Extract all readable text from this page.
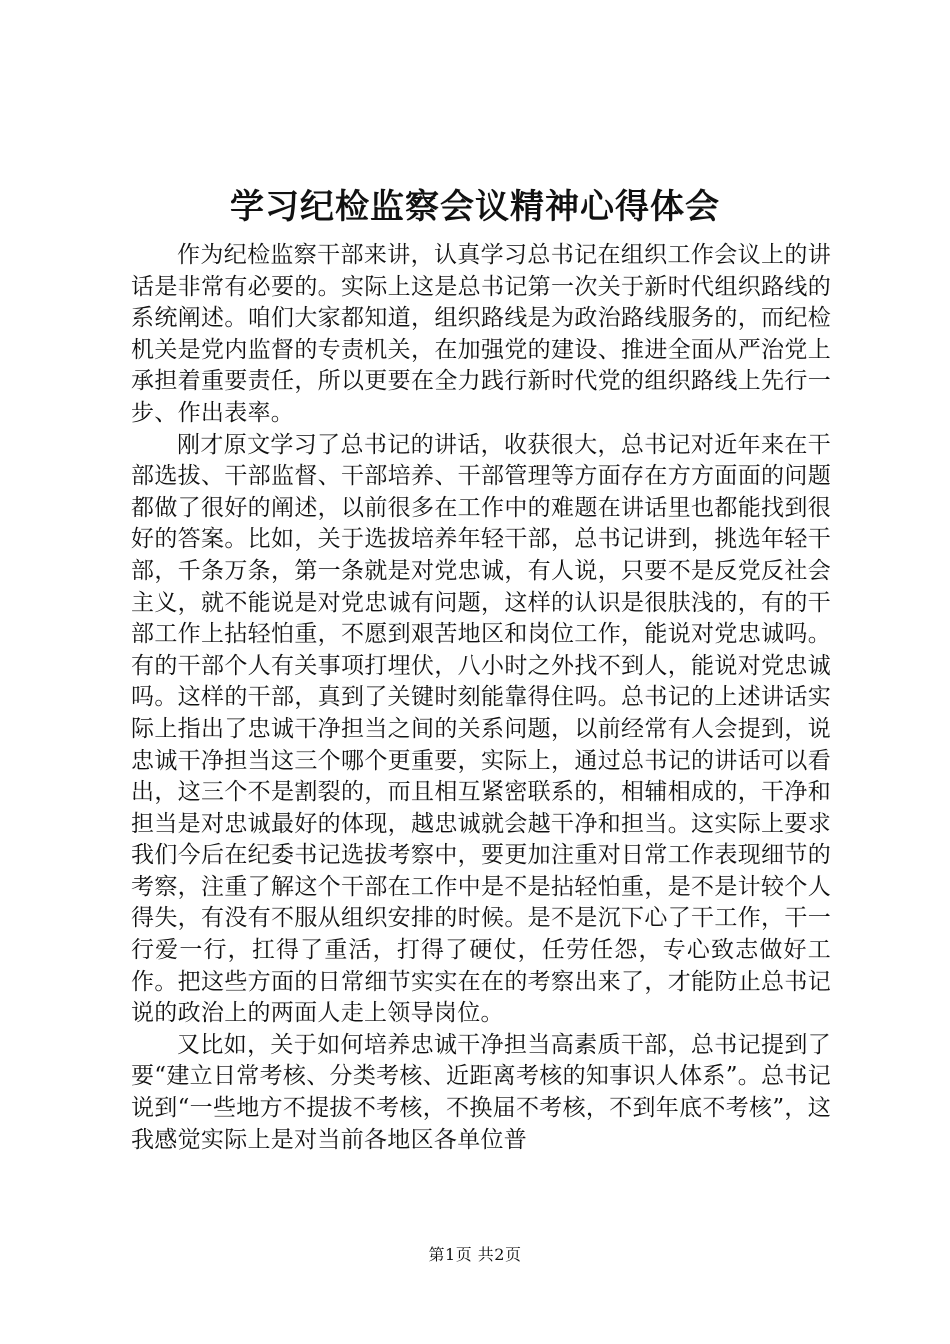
学习纪检监察会议精神心得体会

作为纪检监察干部来讲，认真学习总书记在组织工作会议上的讲话是非常有必要的。实际上这是总书记第一次关于新时代组织路线的系统阐述。咱们大家都知道，组织路线是为政治路线服务的，而纪检机关是党内监督的专责机关，在加强党的建设、推进全面从严治党上承担着重要责任，所以更要在全力践行新时代党的组织路线上先行一步、作出表率。

刚才原文学习了总书记的讲话，收获很大，总书记对近年来在干部选拔、干部监督、干部培养、干部管理等方面存在方方面面的问题都做了很好的阐述，以前很多在工作中的难题在讲话里也都能找到很好的答案。比如，关于选拔培养年轻干部，总书记讲到，挑选年轻干部，千条万条，第一条就是对党忠诚，有人说，只要不是反党反社会主义，就不能说是对党忠诚有问题，这样的认识是很肤浅的，有的干部工作上拈轻怕重，不愿到艰苦地区和岗位工作，能说对党忠诚吗。有的干部个人有关事项打埋伏，八小时之外找不到人，能说对党忠诚吗。这样的干部，真到了关键时刻能靠得住吗。总书记的上述讲话实际上指出了忠诚干净担当之间的关系问题，以前经常有人会提到，说忠诚干净担当这三个哪个更重要，实际上，通过总书记的讲话可以看出，这三个不是割裂的，而且相互紧密联系的，相辅相成的，干净和担当是对忠诚最好的体现，越忠诚就会越干净和担当。这实际上要求我们今后在纪委书记选拔考察中，要更加注重对日常工作表现细节的考察，注重了解这个干部在工作中是不是拈轻怕重，是不是计较个人得失，有没有不服从组织安排的时候。是不是沉下心了干工作，干一行爱一行，扛得了重活，打得了硬仗，任劳任怨，专心致志做好工作。把这些方面的日常细节实实在在的考察出来了，才能防止总书记说的政治上的两面人走上领导岗位。

又比如，关于如何培养忠诚干净担当高素质干部，总书记提到了要“建立日常考核、分类考核、近距离考核的知事识人体系”。总书记说到“一些地方不提拔不考核，不换届不考核，不到年底不考核”，这我感觉实际上是对当前各地区各单位普

第1页 共2页
